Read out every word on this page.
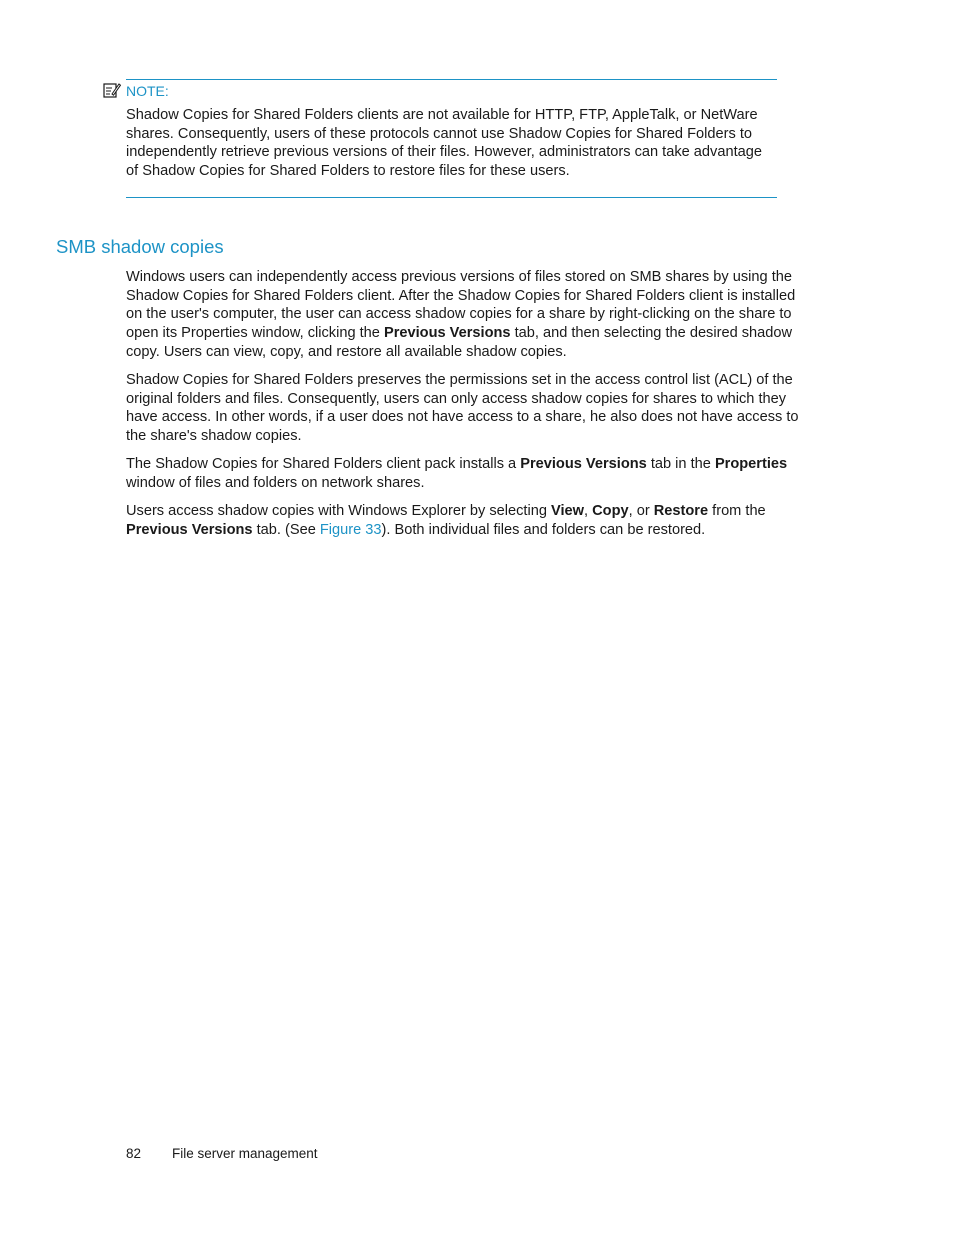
NOTE:

Shadow Copies for Shared Folders clients are not available for HTTP, FTP, AppleTalk, or NetWare shares. Consequently, users of these protocols cannot use Shadow Copies for Shared Folders to independently retrieve previous versions of their files. However, administrators can take advantage of Shadow Copies for Shared Folders to restore files for these users.

SMB shadow copies

Windows users can independently access previous versions of files stored on SMB shares by using the Shadow Copies for Shared Folders client. After the Shadow Copies for Shared Folders client is installed on the user's computer, the user can access shadow copies for a share by right-clicking on the share to open its Properties window, clicking the Previous Versions tab, and then selecting the desired shadow copy. Users can view, copy, and restore all available shadow copies.

Shadow Copies for Shared Folders preserves the permissions set in the access control list (ACL) of the original folders and files. Consequently, users can only access shadow copies for shares to which they have access. In other words, if a user does not have access to a share, he also does not have access to the share's shadow copies.

The Shadow Copies for Shared Folders client pack installs a Previous Versions tab in the Properties window of files and folders on network shares.

Users access shadow copies with Windows Explorer by selecting View, Copy, or Restore from the Previous Versions tab. (See Figure 33). Both individual files and folders can be restored.

82 File server management
